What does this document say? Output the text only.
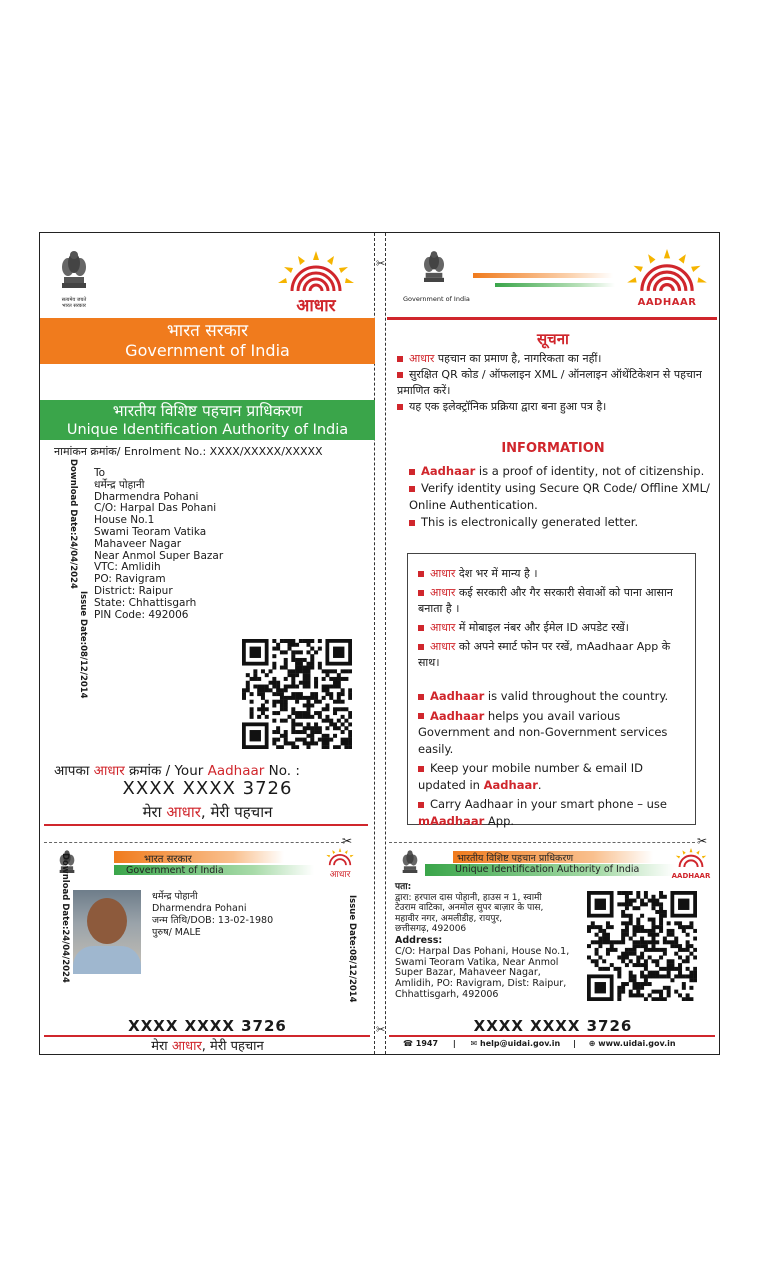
✂
✂
सत्यमेव जयते
भारत सरकार	आधार
भारत सरकार
Government of India
भारतीय विशिष्ट पहचान प्राधिकरण
Unique Identification Authority of India
नामांकन क्रमांक/ Enrolment No.: XXXX/XXXXX/XXXXX
Download Date:24/04/2024
Issue Date:08/12/2014
To
धर्मेन्द्र पोहानी
Dharmendra Pohani
C/O: Harpal Das Pohani
House No.1
Swami Teoram Vatika
Mahaveer Nagar
Near Anmol Super Bazar
VTC: Amlidih
PO: Ravigram
District: Raipur
State: Chhattisgarh
PIN Code: 492006
आपका आधार क्रमांक / Your Aadhaar No. :
XXXX XXXX 3726
मेरा आधार, मेरी पहचान
✂
भारत सरकार
Government of India	आधार
Download Date:24/04/2024	Issue Date:08/12/2014
धर्मेन्द्र पोहानी
Dharmendra Pohani
जन्म तिथि/DOB: 13-02-1980
पुरुष/ MALE
XXXX XXXX 3726
मेरा आधार, मेरी पहचान
Government of India	AADHAAR
सूचना
आधार पहचान का प्रमाण है, नागरिकता का नहीं।
सुरक्षित QR कोड / ऑफलाइन XML / ऑनलाइन ऑथेंटिकेशन से पहचान प्रमाणित करें।
यह एक इलेक्ट्रॉनिक प्रक्रिया द्वारा बना हुआ पत्र है।
INFORMATION
Aadhaar is a proof of identity, not of citizenship.
Verify identity using Secure QR Code/ Offline XML/ Online Authentication.
This is electronically generated letter.
आधार देश भर में मान्य है ।
आधार कई सरकारी और गैर सरकारी सेवाओं को पाना आसान बनाता है ।
आधार में मोबाइल नंबर और ईमेल ID अपडेट रखें।
आधार को अपने स्मार्ट फोन पर रखें, mAadhaar App के साथ।
Aadhaar is valid throughout the country.
Aadhaar helps you avail various Government and non-Government services easily.
Keep your mobile number & email ID updated in Aadhaar.
Carry Aadhaar in your smart phone – use mAadhaar App.
✂
भारतीय विशिष्ट पहचान प्राधिकरण
Unique Identification Authority of India
AADHAAR
पता:
द्वारा: हरपाल दास पोहानी, हाउस न 1, स्वामी
टेउराम वाटिका, अनमोल सुपर बाज़ार के पास,
महावीर नगर, अमलीडीह, रायपुर,
छत्तीसगढ़, 492006
Address:
C/O: Harpal Das Pohani, House No.1,
Swami Teoram Vatika, Near Anmol
Super Bazar, Mahaveer Nagar,
Amlidih, PO: Ravigram, Dist: Raipur,
Chhattisgarh, 492006
XXXX XXXX 3726
☎ 1947 | ✉ help@uidai.gov.in | ⊕ www.uidai.gov.in
